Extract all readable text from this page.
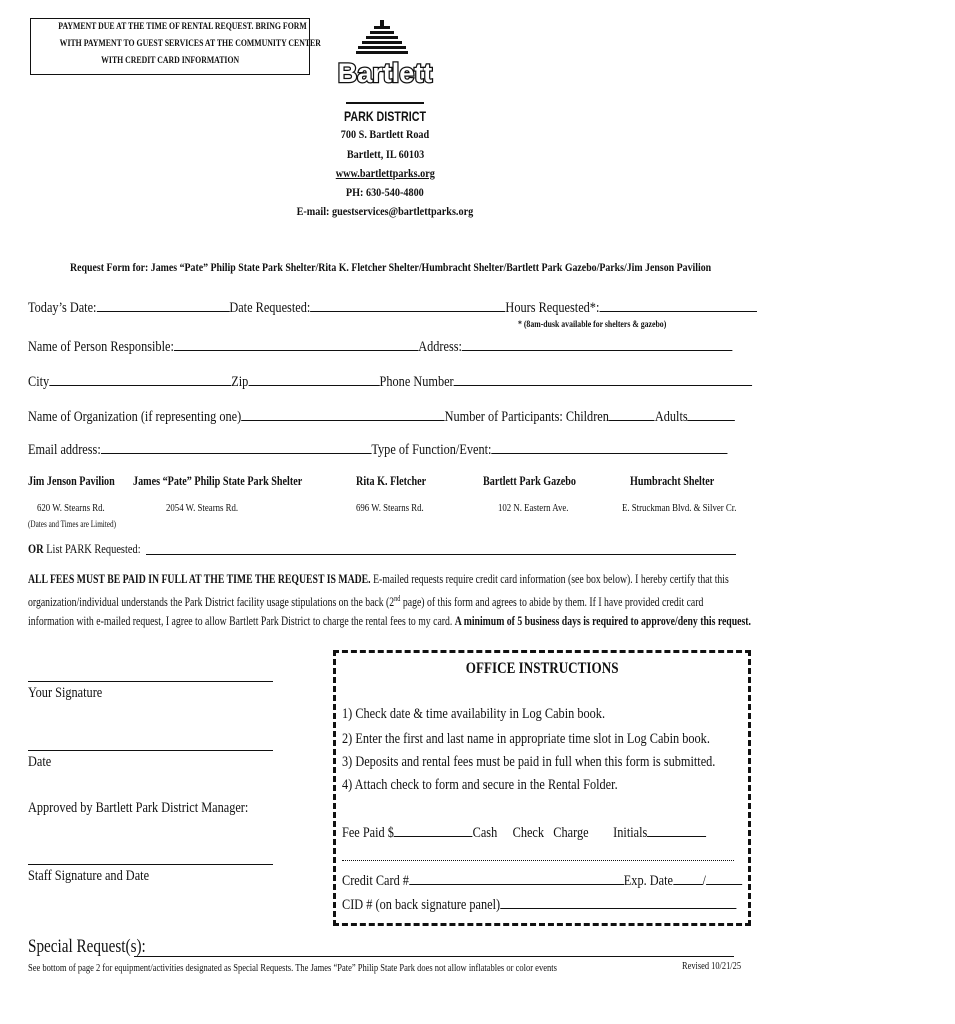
PAYMENT DUE AT THE TIME OF RENTAL REQUEST. BRING FORM
WITH PAYMENT TO GUEST SERVICES AT THE COMMUNITY CENTER
WITH CREDIT CARD INFORMATION	Bartlett
PARK DISTRICT
700 S. Bartlett Road
Bartlett, IL 60103
www.bartlettparks.org
PH: 630-540-4800
E-mail: guestservices@bartlettparks.org
Request Form for: James “Pate” Philip State Park Shelter/Rita K. Fletcher Shelter/Humbracht Shelter/Bartlett Park Gazebo/Parks/Jim Jenson Pavilion
Today’s Date:	Date Requested:	Hours Requested*:
* (8am-dusk available for shelters & gazebo)
Name of Person Responsible:	Address:
City	Zip	Phone Number
Name of Organization (if representing one)	Number of Participants: Children	Adults
Email address:	Type of Function/Event:
Jim Jenson Pavilion	James “Pate” Philip State Park Shelter	Rita K. Fletcher	Bartlett Park Gazebo	Humbracht Shelter
620 W. Stearns Rd.	2054 W. Stearns Rd.	696 W. Stearns Rd.	102 N. Eastern Ave.	E. Struckman Blvd. & Silver Cr.
(Dates and Times are Limited)
OR List PARK Requested:
ALL FEES MUST BE PAID IN FULL AT THE TIME THE REQUEST IS MADE. E-mailed requests require credit card information (see box below). I hereby certify that this
organization/individual understands the Park District facility usage stipulations on the back (2nd page) of this form and agrees to abide by them. If I have provided credit card
information with e-mailed request, I agree to allow Bartlett Park District to charge the rental fees to my card. A minimum of 5 business days is required to approve/deny this request.
Your Signature
Date
Approved by Bartlett Park District Manager:
Staff Signature and Date
OFFICE INSTRUCTIONS
1) Check date & time availability in Log Cabin book.
2) Enter the first and last name in appropriate time slot in Log Cabin book.
3) Deposits and rental fees must be paid in full when this form is submitted.
4) Attach check to form and secure in the Rental Folder.
Fee Paid $	Cash Check Charge Initials
Credit Card #	Exp. Date /
CID # (on back signature panel)
Special Request(s):
See bottom of page 2 for equipment/activities designated as Special Requests. The James “Pate” Philip State Park does not allow inflatables or color events	Revised 10/21/25
